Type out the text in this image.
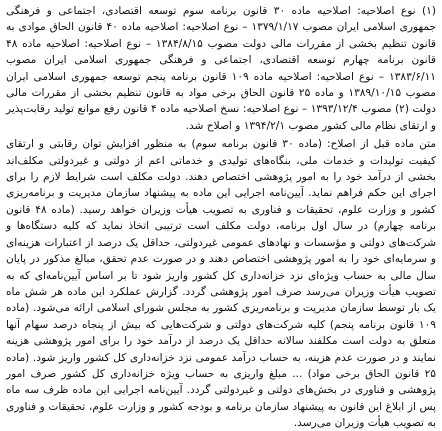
(۱) نوع اصلاحیه: اصلاحیه ماده ۳۰ قانون برنامه سوم توسعه اقتصادی، اجتماعی و فرهنگی جمهوری اسلامی ایران مصوب ۱۳۷۹/۱/۱۷ – نوع اصلاحیه: اصلاحیه ماده ۴۰ قانون الحاق موادی به قانون تنظیم بخشی از مقررات مالی دولت مصوب ۱۳۸۴/۸/۱۵ – نوع اصلاحیه: اصلاحیه ماده ۴۸ قانون برنامه چهارم توسعه اقتصادی، اجتماعی و فرهنگی جمهوری اسلامی ایران مصوب ۱۳۸۳/۶/۱۱ – نوع اصلاحیه: اصلاحیه ماده ۱۰۹ قانون برنامه پنجم توسعه جمهوری اسلامی ایران مصوب ۱۳۸۹/۱۰/۱۵ و ماده ۲۵ قانون الحاق برخی مواد به قانون تنظیم بخشی از مقررات مالی دولت (۲) مصوب ۱۳۹۳/۱۲/۴ – نوع اصلاحیه: نسخ اصلاحیه ماده ۴ قانون رفع موانع تولید رقابت‌پذیر و ارتقای نظام مالی کشور مصوب ۱۳۹۴/۲/۱ و اصلاح شد.

متن ماده قبل از اصلاح: (ماده ۳۰ قانون برنامه سوم) به منظور افزایش توان رقابتی و ارتقای کیفیت تولیدات و خدمات ملی، بنگاه‌های تولیدی و خدماتی اعم از دولتی و غیردولتی مکلف‌اند بخشی از درآمد خود را به امور پژوهشی اختصاص دهند. دولت مکلف است شرایط لازم را برای اجرای این حکم فراهم نماید. آیین‌نامه اجرایی این ماده به پیشنهاد سازمان مدیریت و برنامه‌ریزی کشور و وزارت علوم، تحقیقات و فناوری به تصویب هیأت وزیران خواهد رسید. (ماده ۴۸ قانون برنامه چهارم) در سال اول برنامه، دولت مکلف است ترتیبی اتخاذ نماید که کلیه دستگاه‌ها و شرکت‌های دولتی و مؤسسات و نهادهای عمومی غیردولتی، حداقل یک درصد از اعتبارات هزینه‌ای و سرمایه‌ای خود را به امور پژوهشی اختصاص دهند و در صورت عدم تحقق، مبالغ مذکور در پایان سال مالی به حساب ویژه‌ای نزد خزانه‌داری کل کشور واریز شود تا بر اساس آیین‌نامه‌ای که به تصویب هیأت وزیران می‌رسد صرف امور پژوهشی گردد. گزارش عملکرد این ماده هر شش ماه یک بار توسط سازمان مدیریت و برنامه‌ریزی کشور به مجلس شورای اسلامی ارائه می‌شود. (ماده ۱۰۹ قانون برنامه پنجم) کلیه شرکت‌های دولتی و شرکت‌هایی که بیش از پنجاه درصد سهام آنها متعلق به دولت است مکلفند سالانه حداقل یک درصد از درآمد خود را برای امور پژوهشی هزینه نمایند و در صورت عدم هزینه، به حساب درآمد عمومی نزد خزانه‌داری کل کشور واریز شود. (ماده ۲۵ قانون الحاق برخی مواد) ... مبلغ واریزی به حساب ویژه خزانه‌داری کل کشور صرف امور پژوهشی و فناوری در بخش‌های دولتی و غیردولتی گردد. آیین‌نامه اجرایی این ماده ظرف سه ماه پس از ابلاغ این قانون به پیشنهاد سازمان برنامه و بودجه کشور و وزارت علوم، تحقیقات و فناوری به تصویب هیأت وزیران می‌رسد.
